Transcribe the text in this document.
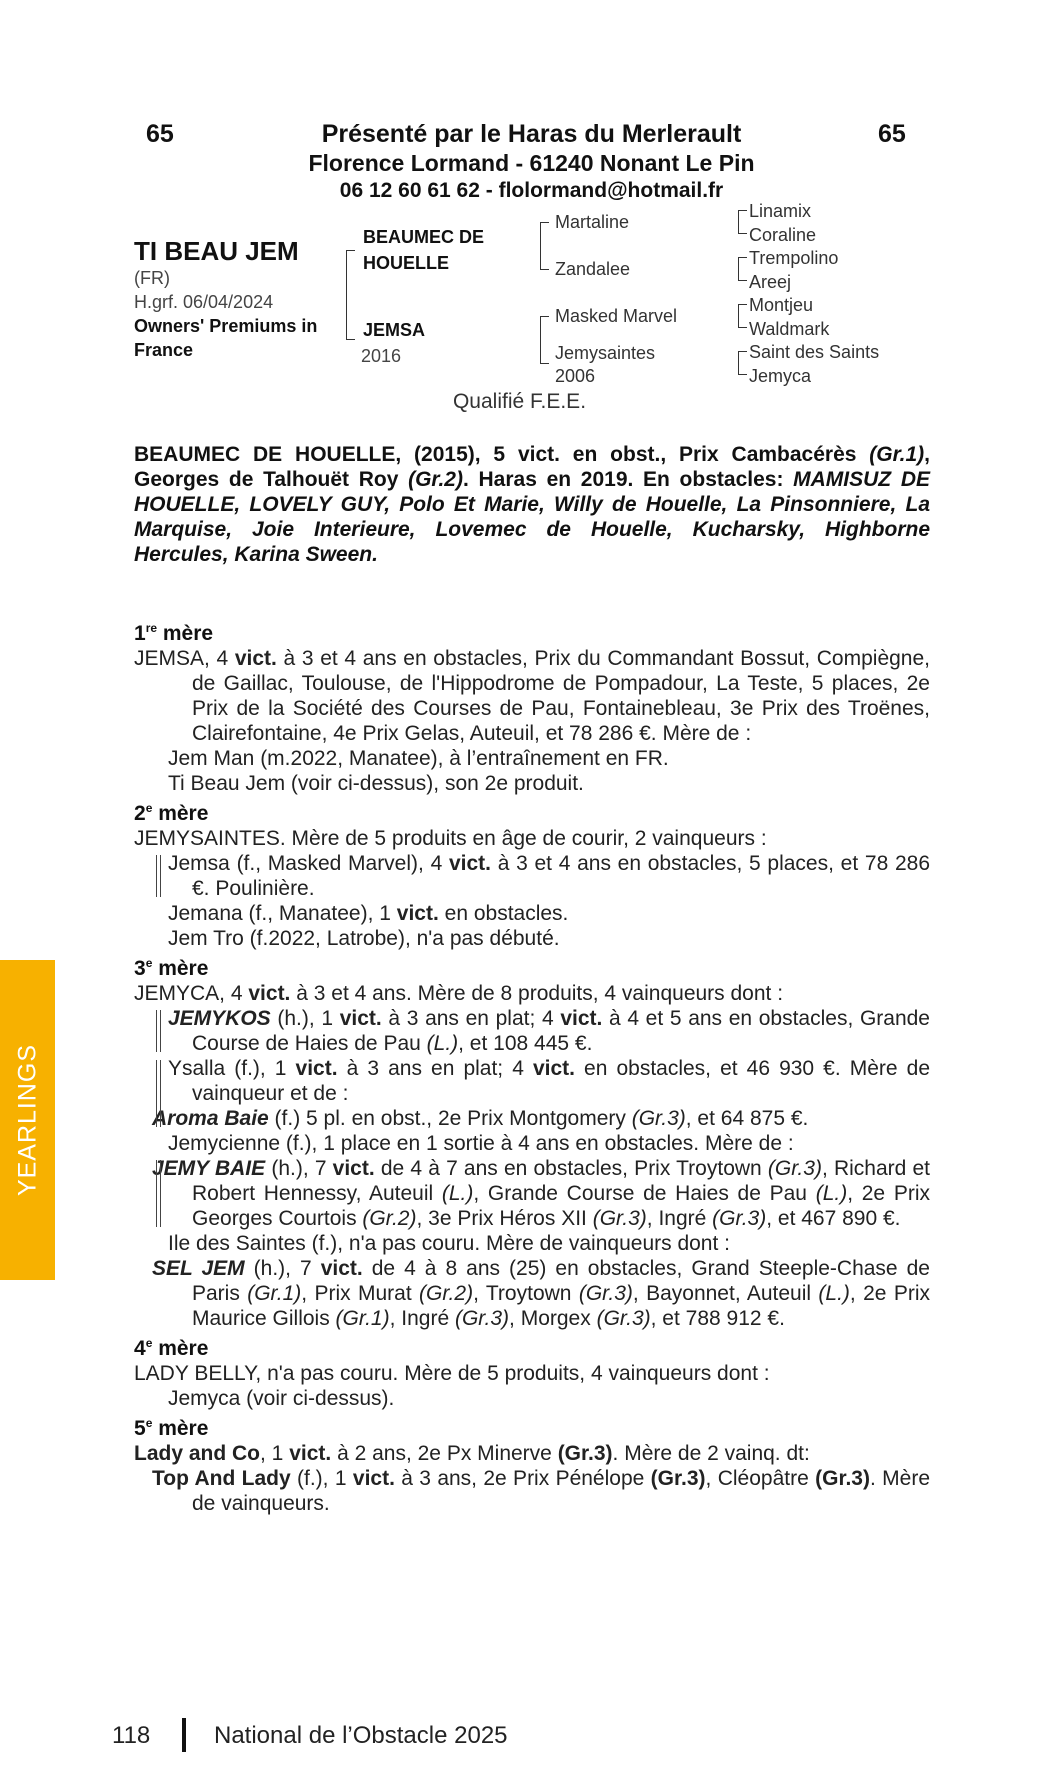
65	65
Présenté par le Haras du Merlerault
Florence Lormand - 61240 Nonant Le Pin
06 12 60 61 62 - flolormand@hotmail.fr
TI BEAU JEM
(FR)
H.grf. 06/04/2024
Owners' Premiums in France
BEAUMEC DE HOUELLE
JEMSA
2016
Martaline
Zandalee
Masked Marvel
Jemysaintes
2006
Linamix
Coraline
Trempolino
Areej
Montjeu
Waldmark
Saint des Saints
Jemyca
Qualifié F.E.E.
BEAUMEC DE HOUELLE, (2015), 5 vict. en obst., Prix Cambacérès (Gr.1), Georges de Talhouët Roy (Gr.2). Haras en 2019. En obstacles: MAMISUZ DE HOUELLE, LOVELY GUY, Polo Et Marie, Willy de Houelle, La Pinsonniere, La Marquise, Joie Interieure, Lovemec de Houelle, Kucharsky, Highborne Hercules, Karina Sween.
1re mère

JEMSA, 4 vict. à 3 et 4 ans en obstacles, Prix du Commandant Bossut, Compiègne, de Gaillac, Toulouse, de l'Hippodrome de Pompadour, La Teste, 5 places, 2e Prix de la Société des Courses de Pau, Fontainebleau, 3e Prix des Troënes, Clairefontaine, 4e Prix Gelas, Auteuil, et 78 286 €. Mère de :

Jem Man (m.2022, Manatee), à l’entraînement en FR.

Ti Beau Jem (voir ci-dessus), son 2e produit.

2e mère

JEMYSAINTES. Mère de 5 produits en âge de courir, 2 vainqueurs :

Jemsa (f., Masked Marvel), 4 vict. à 3 et 4 ans en obstacles, 5 places, et 78 286 €. Poulinière.

Jemana (f., Manatee), 1 vict. en obstacles.

Jem Tro (f.2022, Latrobe), n'a pas débuté.

3e mère

JEMYCA, 4 vict. à 3 et 4 ans. Mère de 8 produits, 4 vainqueurs dont :

JEMYKOS (h.), 1 vict. à 3 ans en plat; 4 vict. à 4 et 5 ans en obstacles, Grande Course de Haies de Pau (L.), et 108 445 €.

Ysalla (f.), 1 vict. à 3 ans en plat; 4 vict. en obstacles, et 46 930 €. Mère de vainqueur et de :

Aroma Baie (f.) 5 pl. en obst., 2e Prix Montgomery (Gr.3), et 64 875 €.

Jemycienne (f.), 1 place en 1 sortie à 4 ans en obstacles. Mère de :

JEMY BAIE (h.), 7 vict. de 4 à 7 ans en obstacles, Prix Troytown (Gr.3), Richard et Robert Hennessy, Auteuil (L.), Grande Course de Haies de Pau (L.), 2e Prix Georges Courtois (Gr.2), 3e Prix Héros XII (Gr.3), Ingré (Gr.3), et 467 890 €.

Ile des Saintes (f.), n'a pas couru. Mère de vainqueurs dont :

SEL JEM (h.), 7 vict. de 4 à 8 ans (25) en obstacles, Grand Steeple-Chase de Paris (Gr.1), Prix Murat (Gr.2), Troytown (Gr.3), Bayonnet, Auteuil (L.), 2e Prix Maurice Gillois (Gr.1), Ingré (Gr.3), Morgex (Gr.3), et 788 912 €.

4e mère

LADY BELLY, n'a pas couru. Mère de 5 produits, 4 vainqueurs dont :

Jemyca (voir ci-dessus).

5e mère

Lady and Co, 1 vict. à 2 ans, 2e Px Minerve (Gr.3). Mère de 2 vainq. dt:

Top And Lady (f.), 1 vict. à 3 ans, 2e Prix Pénélope (Gr.3), Cléopâtre (Gr.3). Mère de vainqueurs.

YEARLINGS
118	National de l’Obstacle 2025
